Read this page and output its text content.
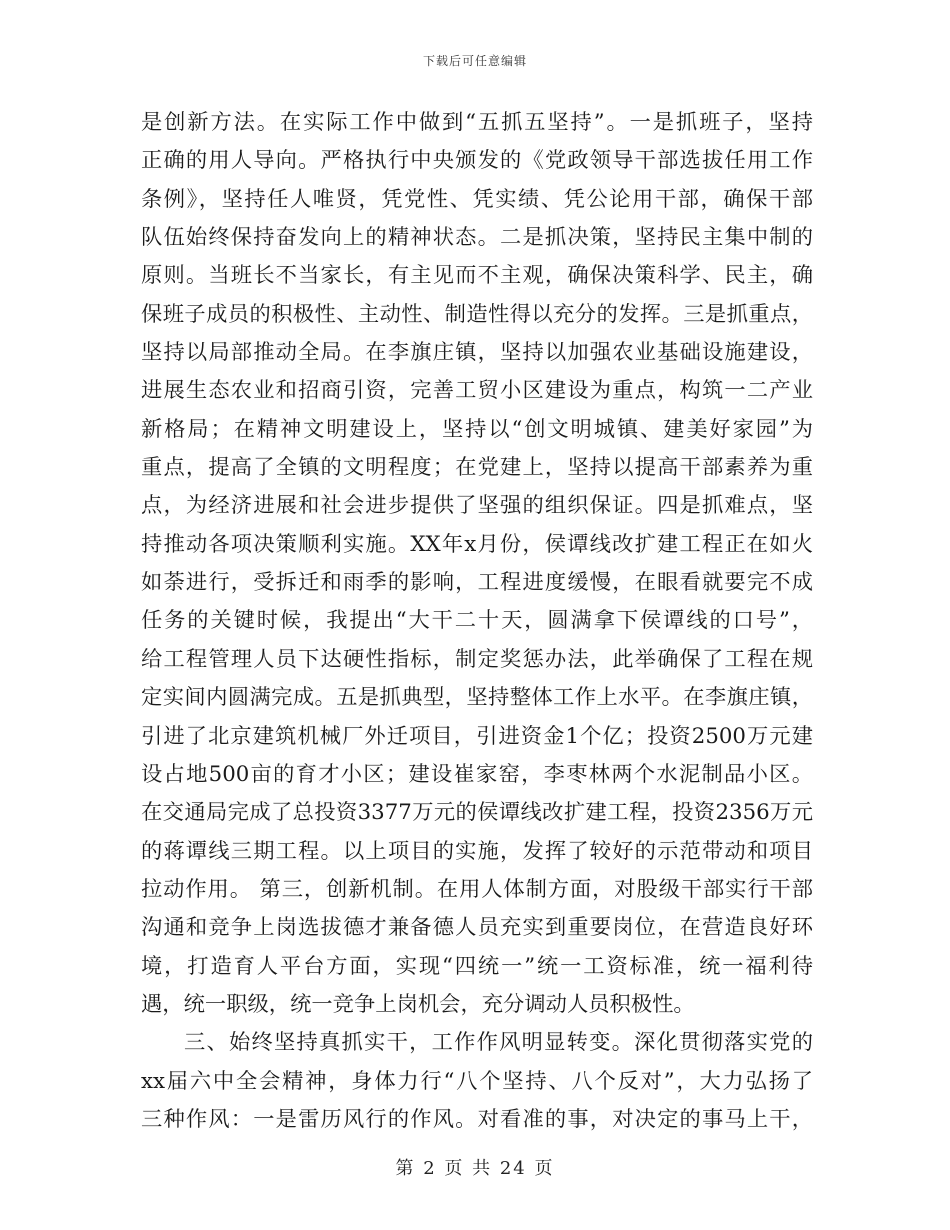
下载后可任意编辑
是创新方法。在实际工作中做到“五抓五坚持”。一是抓班子，坚持
正确的用人导向。严格执行中央颁发的《党政领导干部选拔任用工作
条例》，坚持任人唯贤，凭党性、凭实绩、凭公论用干部，确保干部
队伍始终保持奋发向上的精神状态。二是抓决策，坚持民主集中制的
原则。当班长不当家长，有主见而不主观，确保决策科学、民主，确
保班子成员的积极性、主动性、制造性得以充分的发挥。三是抓重点，
坚持以局部推动全局。在李旗庄镇，坚持以加强农业基础设施建设，
进展生态农业和招商引资，完善工贸小区建设为重点，构筑一二产业
新格局；在精神文明建设上，坚持以“创文明城镇、建美好家园”为
重点，提高了全镇的文明程度；在党建上，坚持以提高干部素养为重
点，为经济进展和社会进步提供了坚强的组织保证。四是抓难点，坚
持推动各项决策顺利实施。XX年x月份，侯谭线改扩建工程正在如火
如荼进行，受拆迁和雨季的影响，工程进度缓慢，在眼看就要完不成
任务的关键时候，我提出“大干二十天，圆满拿下侯谭线的口号”，
给工程管理人员下达硬性指标，制定奖惩办法，此举确保了工程在规
定实间内圆满完成。五是抓典型，坚持整体工作上水平。在李旗庄镇，
引进了北京建筑机械厂外迁项目，引进资金1个亿；投资2500万元建
设占地500亩的育才小区；建设崔家窑，李枣林两个水泥制品小区。
在交通局完成了总投资3377万元的侯谭线改扩建工程，投资2356万元
的蒋谭线三期工程。以上项目的实施，发挥了较好的示范带动和项目
拉动作用。 第三，创新机制。在用人体制方面，对股级干部实行干部
沟通和竞争上岗选拔德才兼备德人员充实到重要岗位，在营造良好环
境，打造育人平台方面，实现“四统一”统一工资标准，统一福利待
遇，统一职级，统一竞争上岗机会，充分调动人员积极性。
三、始终坚持真抓实干，工作作风明显转变。深化贯彻落实党的
xx届六中全会精神，身体力行“八个坚持、八个反对”，大力弘扬了
三种作风：一是雷历风行的作风。对看准的事，对决定的事马上干，
第 2 页 共 24 页
